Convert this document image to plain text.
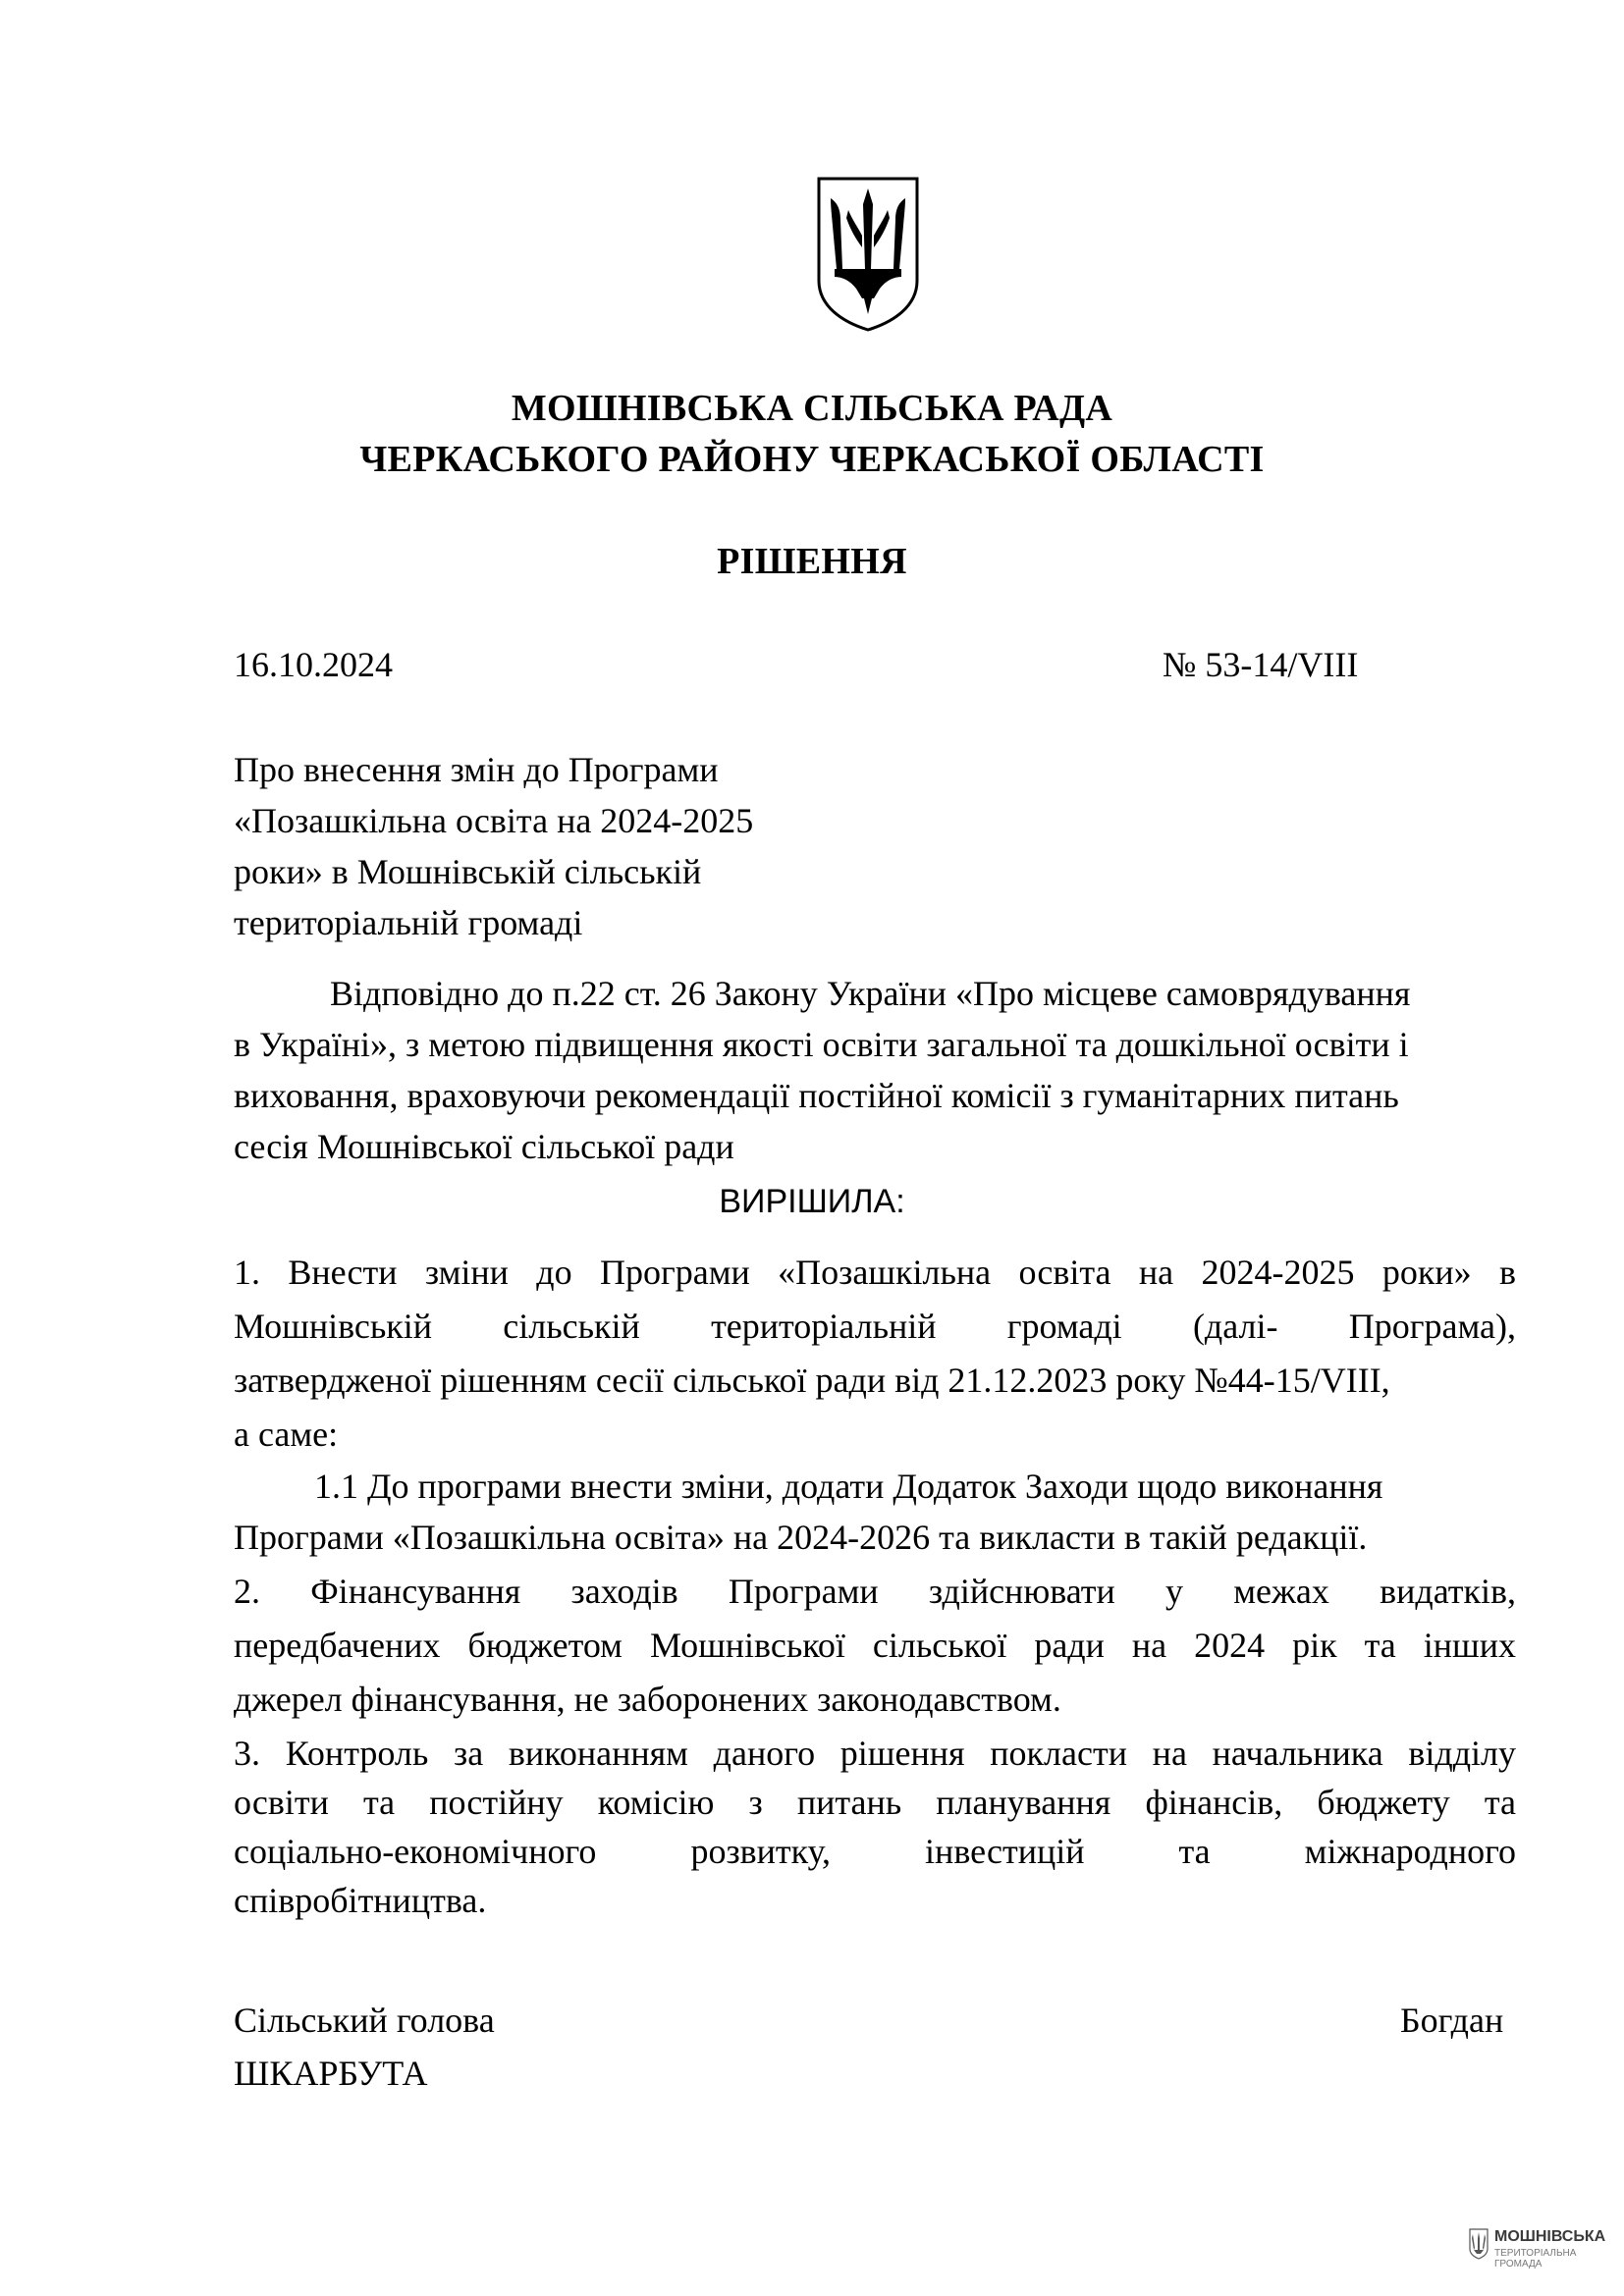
МОШНІВСЬКА СІЛЬСЬКА РАДА
ЧЕРКАСЬКОГО РАЙОНУ ЧЕРКАСЬКОЇ ОБЛАСТІ
РІШЕННЯ
16.10.2024	№ 53-14/VIII
Про внесення змін до Програми
«Позашкільна освіта на 2024-2025
роки» в Мошнівській сільській
територіальній громаді
Відповідно до п.22 ст. 26 Закону України «Про місцеве самоврядування
в Україні», з метою підвищення якості освіти загальної та дошкільної освіти і
виховання, враховуючи рекомендації постійної комісії з гуманітарних питань
сесія Мошнівської сільської ради
ВИРІШИЛА:
1. Внести зміни до Програми «Позашкільна освіта на 2024-2025 роки» в
Мошнівській сільській територіальній громаді (далі- Програма),
затвердженої рішенням сесії сільської ради від 21.12.2023 року №44-15/VIII,
а саме:
1.1 До програми внести зміни, додати Додаток Заходи щодо виконання
Програми «Позашкільна освіта» на 2024-2026 та викласти в такій редакції.
2. Фінансування заходів Програми здійснювати у межах видатків,
передбачених бюджетом Мошнівської сільської ради на 2024 рік та інших
джерел фінансування, не заборонених законодавством.
3. Контроль за виконанням даного рішення покласти на начальника відділу
освіти та постійну комісію з питань планування фінансів, бюджету та
соціально-економічного розвитку, інвестицій та міжнародного
співробітництва.
Сільський голова	Богдан
ШКАРБУТА
МОШНІВСЬКА
ТЕРИТОРІАЛЬНА
ГРОМАДА
